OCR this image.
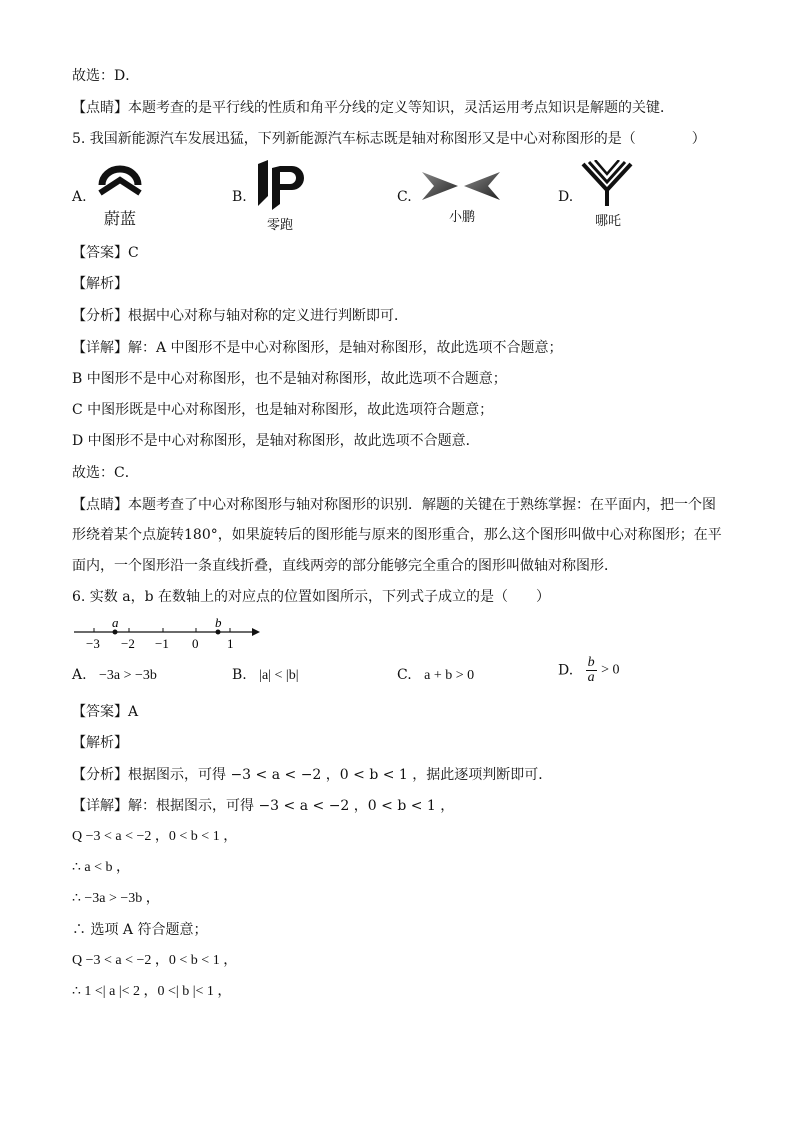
故选：D．
【点睛】本题考查的是平行线的性质和角平分线的定义等知识，灵活运用考点知识是解题的关键．
5. 我国新能源汽车发展迅猛，下列新能源汽车标志既是轴对称图形又是中心对称图形的是（　　　　）
A.
蔚蓝
B.
零跑
C.
小鹏
D.
哪吒
【答案】C
【解析】
【分析】根据中心对称与轴对称的定义进行判断即可．
【详解】解：A 中图形不是中心对称图形，是轴对称图形，故此选项不合题意；
B 中图形不是中心对称图形，也不是轴对称图形，故此选项不合题意；
C 中图形既是中心对称图形，也是轴对称图形，故此选项符合题意；
D 中图形不是中心对称图形，是轴对称图形，故此选项不合题意．
故选：C．
【点睛】本题考查了中心对称图形与轴对称图形的识别．解题的关键在于熟练掌握：在平面内，把一个图
形绕着某个点旋转180°，如果旋转后的图形能与原来的图形重合，那么这个图形叫做中心对称图形；在平
面内，一个图形沿一条直线折叠，直线两旁的部分能够完全重合的图形叫做轴对称图形．
6. 实数 a，b 在数轴上的对应点的位置如图所示，下列式子成立的是（　　）
a	b
−3 −2 −1 0 1
A. −3a > −3b	B. |a| < |b|	C. a + b > 0	D. $\frac{b}{a} > 0$
【答案】A
【解析】
【分析】根据图示，可得 −3 < a < −2 ，0 < b < 1 ，据此逐项判断即可．
【详解】解：根据图示，可得 −3 < a < −2 ，0 < b < 1 ，
Q −3 < a < −2 ，0 < b < 1 ，
∴ a < b ，
∴ −3a > −3b ，
∴ 选项 A 符合题意；
Q −3 < a < −2 ，0 < b < 1 ，
∴ 1 <| a |< 2 ，0 <| b |< 1 ，
